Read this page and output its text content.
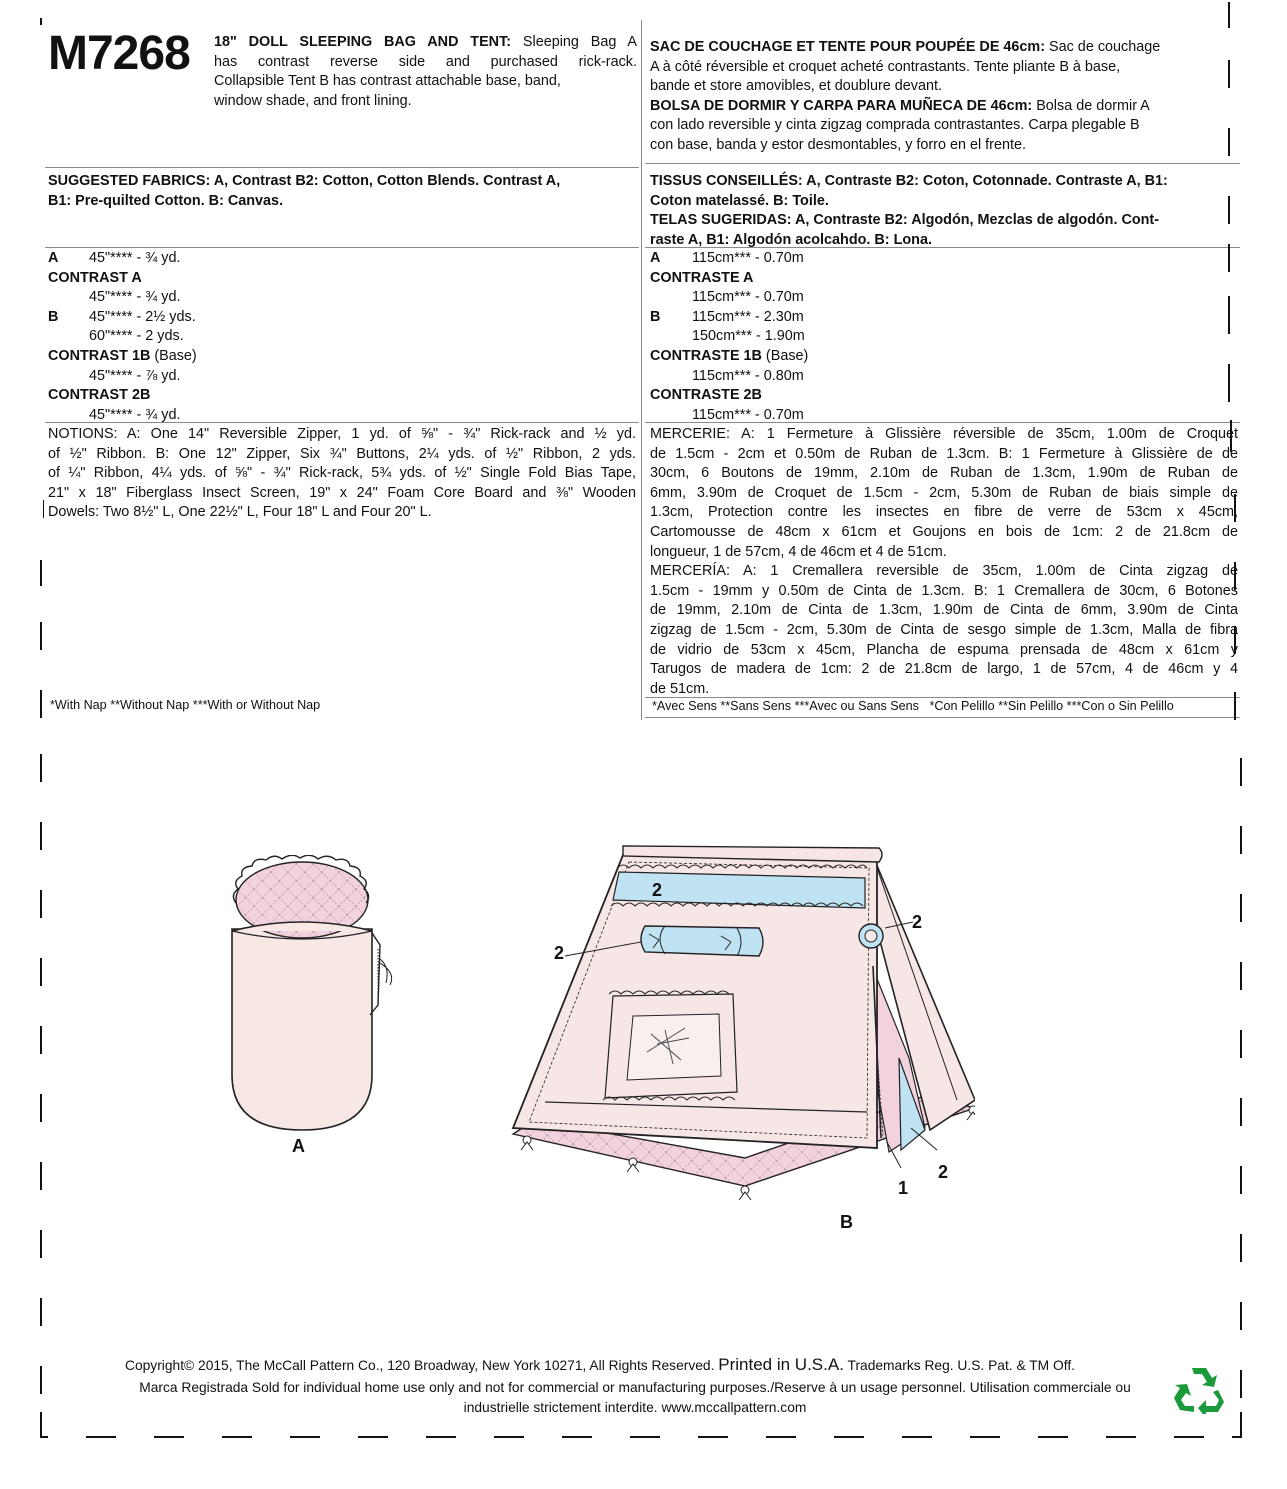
M7268 18" DOLL SLEEPING BAG AND TENT: Sleeping Bag A
has contrast reverse side and purchased rick-rack.
Collapsible Tent B has contrast attachable base, band,
window shade, and front lining.
SAC DE COUCHAGE ET TENTE POUR POUPÉE DE 46cm: Sac de couchage
A à côté réversible et croquet acheté contrastants. Tente pliante B à base,
bande et store amovibles, et doublure devant.
BOLSA DE DORMIR Y CARPA PARA MUÑECA DE 46cm: Bolsa de dormir A
con lado reversible y cinta zigzag comprada contrastantes. Carpa plegable B
con base, banda y estor desmontables, y forro en el frente.
SUGGESTED FABRICS: A, Contrast B2: Cotton, Cotton Blends. Contrast A,
B1: Pre-quilted Cotton. B: Canvas.
TISSUS CONSEILLÉS: A, Contraste B2: Coton, Cotonnade. Contraste A, B1:
Coton matelassé. B: Toile.
TELAS SUGERIDAS: A, Contraste B2: Algodón, Mezclas de algodón. Cont-
raste A, B1: Algodón acolcahdo. B: Lona.
A 45"**** - ¾ yd.
CONTRAST A
45"**** - ¾ yd.
B 45"**** - 2½ yds.
60"**** - 2 yds.
CONTRAST 1B (Base)
45"**** - ⅞ yd.
CONTRAST 2B
45"**** - ¾ yd.
A 115cm*** - 0.70m
CONTRASTE A
115cm*** - 0.70m
B 115cm*** - 2.30m
150cm*** - 1.90m
CONTRASTE 1B (Base)
115cm*** - 0.80m
CONTRASTE 2B
115cm*** - 0.70m
NOTIONS: A: One 14" Reversible Zipper, 1 yd. of ⅝" - ¾" Rick-rack and ½ yd.
of ½" Ribbon. B: One 12" Zipper, Six ¾" Buttons, 2¼ yds. of ½" Ribbon, 2 yds.
of ¼" Ribbon, 4¼ yds. of ⅝" - ¾" Rick-rack, 5¾ yds. of ½" Single Fold Bias Tape,
21" x 18" Fiberglass Insect Screen, 19" x 24" Foam Core Board and ⅜" Wooden
Dowels: Two 8½" L, One 22½" L, Four 18" L and Four 20" L.
MERCERIE: A: 1 Fermeture à Glissière réversible de 35cm, 1.00m de Croquet
de 1.5cm - 2cm et 0.50m de Ruban de 1.3cm. B: 1 Fermeture à Glissière de de
30cm, 6 Boutons de 19mm, 2.10m de Ruban de 1.3cm, 1.90m de Ruban de
6mm, 3.90m de Croquet de 1.5cm - 2cm, 5.30m de Ruban de biais simple de
1.3cm, Protection contre les insectes en fibre de verre de 53cm x 45cm,
Cartomousse de 48cm x 61cm et Goujons en bois de 1cm: 2 de 21.8cm de
longueur, 1 de 57cm, 4 de 46cm et 4 de 51cm.
MERCERÍA: A: 1 Cremallera reversible de 35cm, 1.00m de Cinta zigzag de
1.5cm - 19mm y 0.50m de Cinta de 1.3cm. B: 1 Cremallera de 30cm, 6 Botones
de 19mm, 2.10m de Cinta de 1.3cm, 1.90m de Cinta de 6mm, 3.90m de Cinta
zigzag de 1.5cm - 2cm, 5.30m de Cinta de sesgo simple de 1.3cm, Malla de fibra
de vidrio de 53cm x 45cm, Plancha de espuma prensada de 48cm x 61cm y
Tarugos de madera de 1cm: 2 de 21.8cm de largo, 1 de 57cm, 4 de 46cm y 4
de 51cm.
*With Nap **Without Nap ***With or Without Nap	*Avec Sens **Sans Sens ***Avec ou Sans Sens   *Con Pelillo **Sin Pelillo ***Con o Sin Pelillo
A
2
2
2
1
2
B
Copyright© 2015, The McCall Pattern Co., 120 Broadway, New York 10271, All Rights Reserved. Printed in U.S.A. Trademarks Reg. U.S. Pat. & TM Off.
Marca Registrada Sold for individual home use only and not for commercial or manufacturing purposes./Reserve à un usage personnel. Utilisation commerciale ou
industrielle strictement interdite. www.mccallpattern.com
